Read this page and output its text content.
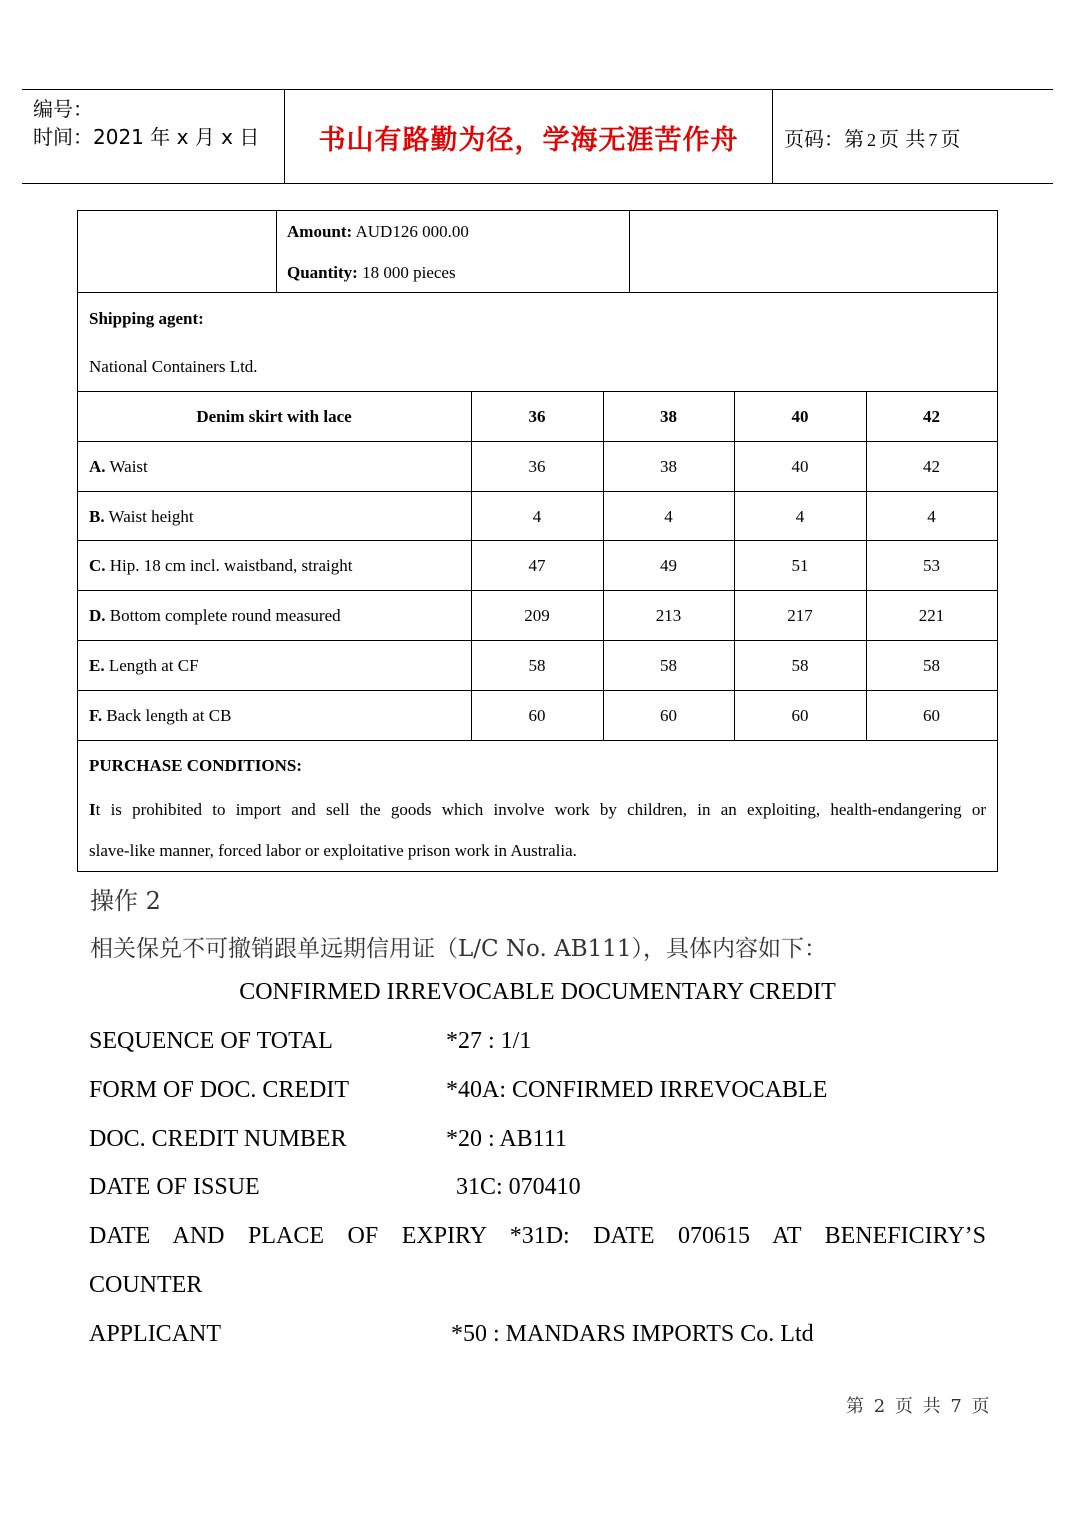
编号：
时间：2021 年 x 月 x 日	书山有路勤为径，学海无涯苦作舟	页码：第 2 页 共 7 页
Amount: AUD126 000.00
Quantity: 18 000 pieces
Shipping agent:
National Containers Ltd.
Denim skirt with lace	36	38	40	42
A. Waist	36	38	40	42
B. Waist height	4	4	4	4
C. Hip. 18 cm incl. waistband, straight	47	49	51	53
D. Bottom complete round measured	209	213	217	221
E. Length at CF	58	58	58	58
F. Back length at CB	60	60	60	60
PURCHASE CONDITIONS:
It is prohibited to import and sell the goods which involve work by children, in an exploiting, health-endangering or
slave-like manner, forced labor or exploitative prison work in Australia.
操作 2
相关保兑不可撤销跟单远期信用证（L/C No. AB111），具体内容如下：
CONFIRMED IRREVOCABLE DOCUMENTARY CREDIT
SEQUENCE OF TOTAL	*27 : 1/1
FORM OF DOC. CREDIT	*40A: CONFIRMED IRREVOCABLE
DOC. CREDIT NUMBER	*20 : AB111
DATE OF ISSUE	31C: 070410
DATE AND PLACE OF EXPIRY *31D: DATE 070615 AT BENEFICIRY’S
COUNTER
APPLICANT	*50 : MANDARS IMPORTS Co. Ltd
第 2 页 共 7 页
